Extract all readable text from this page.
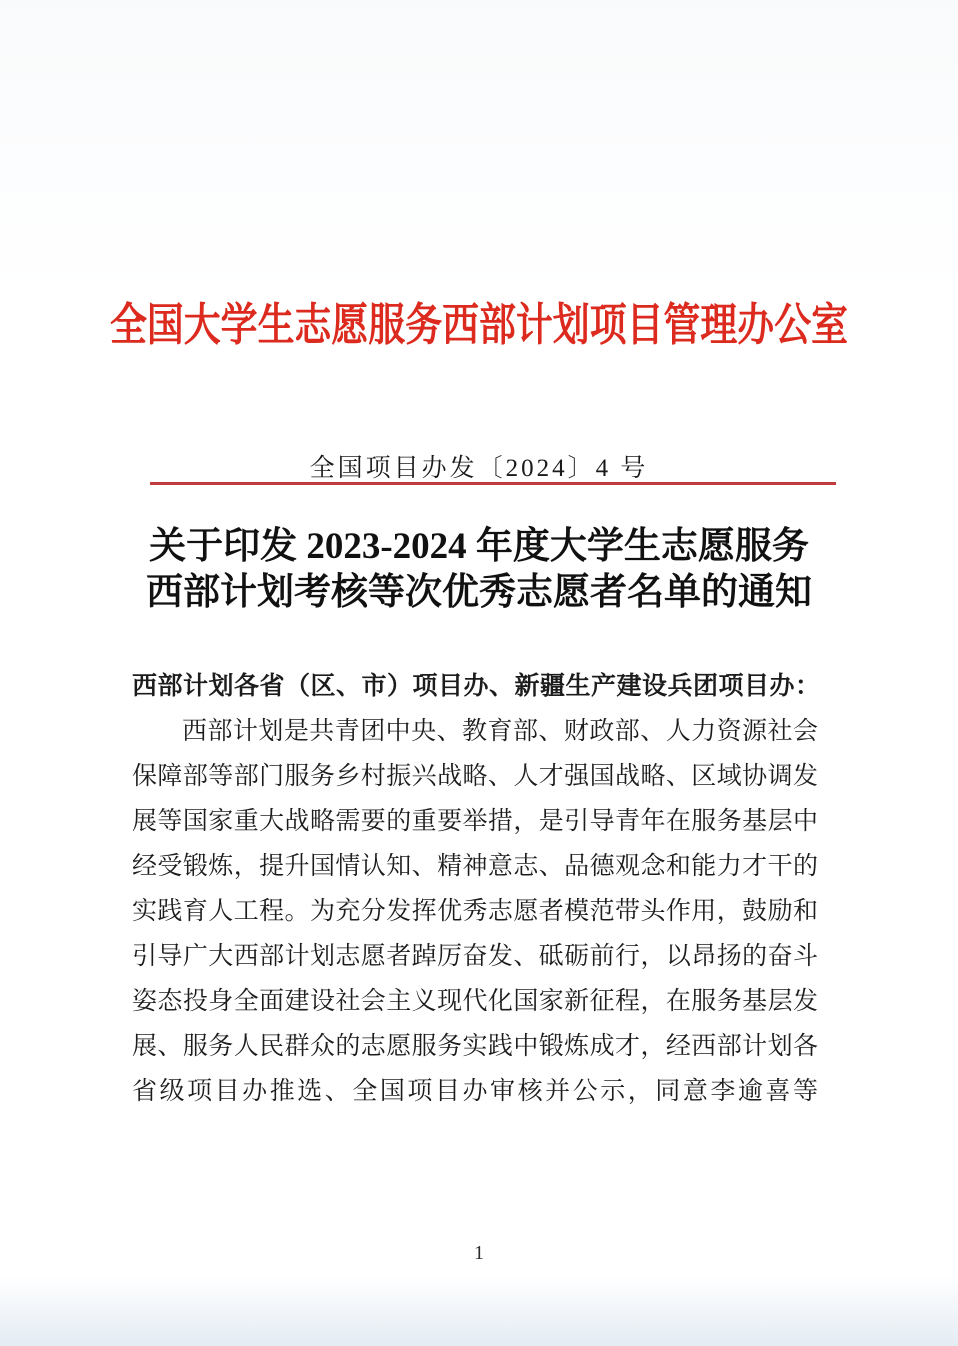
全国大学生志愿服务西部计划项目管理办公室
全国项目办发〔2024〕4 号
关于印发 2023-2024 年度大学生志愿服务
西部计划考核等次优秀志愿者名单的通知
西部计划各省（区、市）项目办、新疆生产建设兵团项目办：
西部计划是共青团中央、教育部、财政部、人力资源社会
保障部等部门服务乡村振兴战略、人才强国战略、区域协调发
展等国家重大战略需要的重要举措，是引导青年在服务基层中
经受锻炼，提升国情认知、精神意志、品德观念和能力才干的
实践育人工程。为充分发挥优秀志愿者模范带头作用，鼓励和
引导广大西部计划志愿者踔厉奋发、砥砺前行，以昂扬的奋斗
姿态投身全面建设社会主义现代化国家新征程，在服务基层发
展、服务人民群众的志愿服务实践中锻炼成才，经西部计划各
省级项目办推选、全国项目办审核并公示，同意李逾喜等
1
